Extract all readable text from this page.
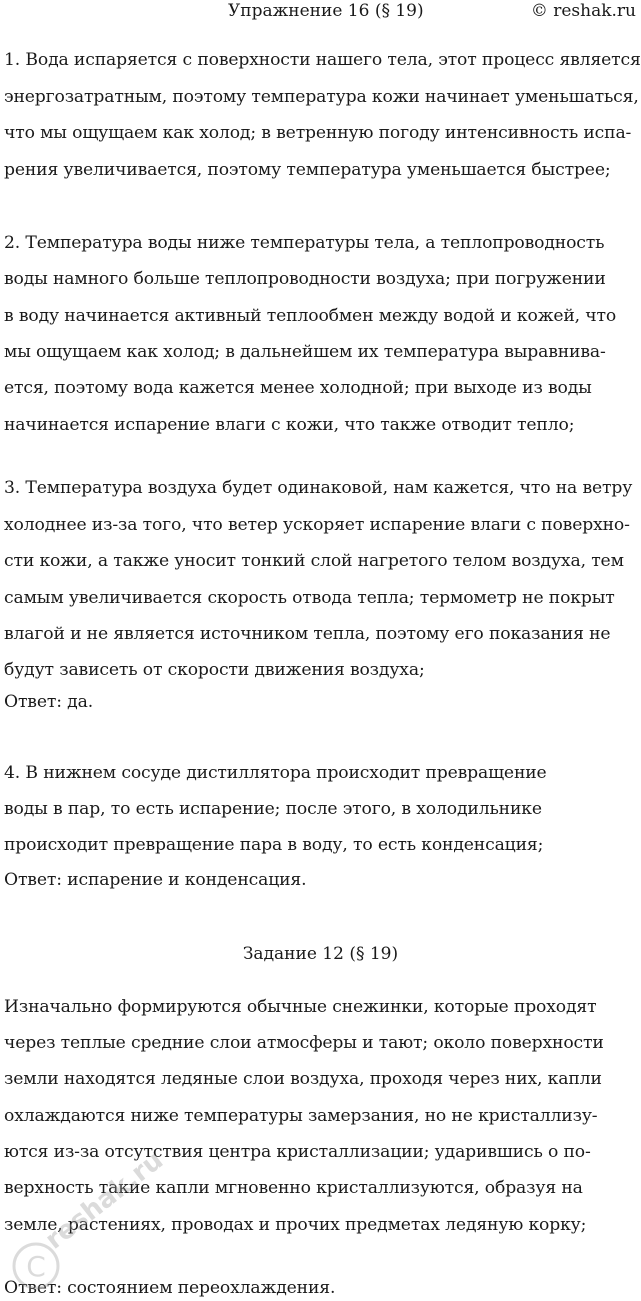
Упражнение 16 (§ 19)	© reshak.ru
1. Вода испаряется с поверхности нашего тела, этот процесс является
энергозатратным, поэтому температура кожи начинает уменьшаться,
что мы ощущаем как холод; в ветренную погоду интенсивность испа-
рения увеличивается, поэтому температура уменьшается быстрее;
2. Температура воды ниже температуры тела, а теплопроводность
воды намного больше теплопроводности воздуха; при погружении
в воду начинается активный теплообмен между водой и кожей, что
мы ощущаем как холод; в дальнейшем их температура выравнива-
ется, поэтому вода кажется менее холодной; при выходе из воды
начинается испарение влаги с кожи, что также отводит тепло;
3. Температура воздуха будет одинаковой, нам кажется, что на ветру
холоднее из-за того, что ветер ускоряет испарение влаги с поверхно-
сти кожи, а также уносит тонкий слой нагретого телом воздуха, тем
самым увеличивается скорость отвода тепла; термометр не покрыт
влагой и не является источником тепла, поэтому его показания не
будут зависеть от скорости движения воздуха;
Ответ: да.
4. В нижнем сосуде дистиллятора происходит превращение
воды в пар, то есть испарение; после этого, в холодильнике
происходит превращение пара в воду, то есть конденсация;
Ответ: испарение и конденсация.
Задание 12 (§ 19)
Изначально формируются обычные снежинки, которые проходят
через теплые средние слои атмосферы и тают; около поверхности
земли находятся ледяные слои воздуха, проходя через них, капли
охлаждаются ниже температуры замерзания, но не кристаллизу-
ются из-за отсутствия центра кристаллизации; ударившись о по-
верхность такие капли мгновенно кристаллизуются, образуя на
земле, растениях, проводах и прочих предметах ледяную корку;
Ответ: состоянием переохлаждения.
C
reshak.ru
